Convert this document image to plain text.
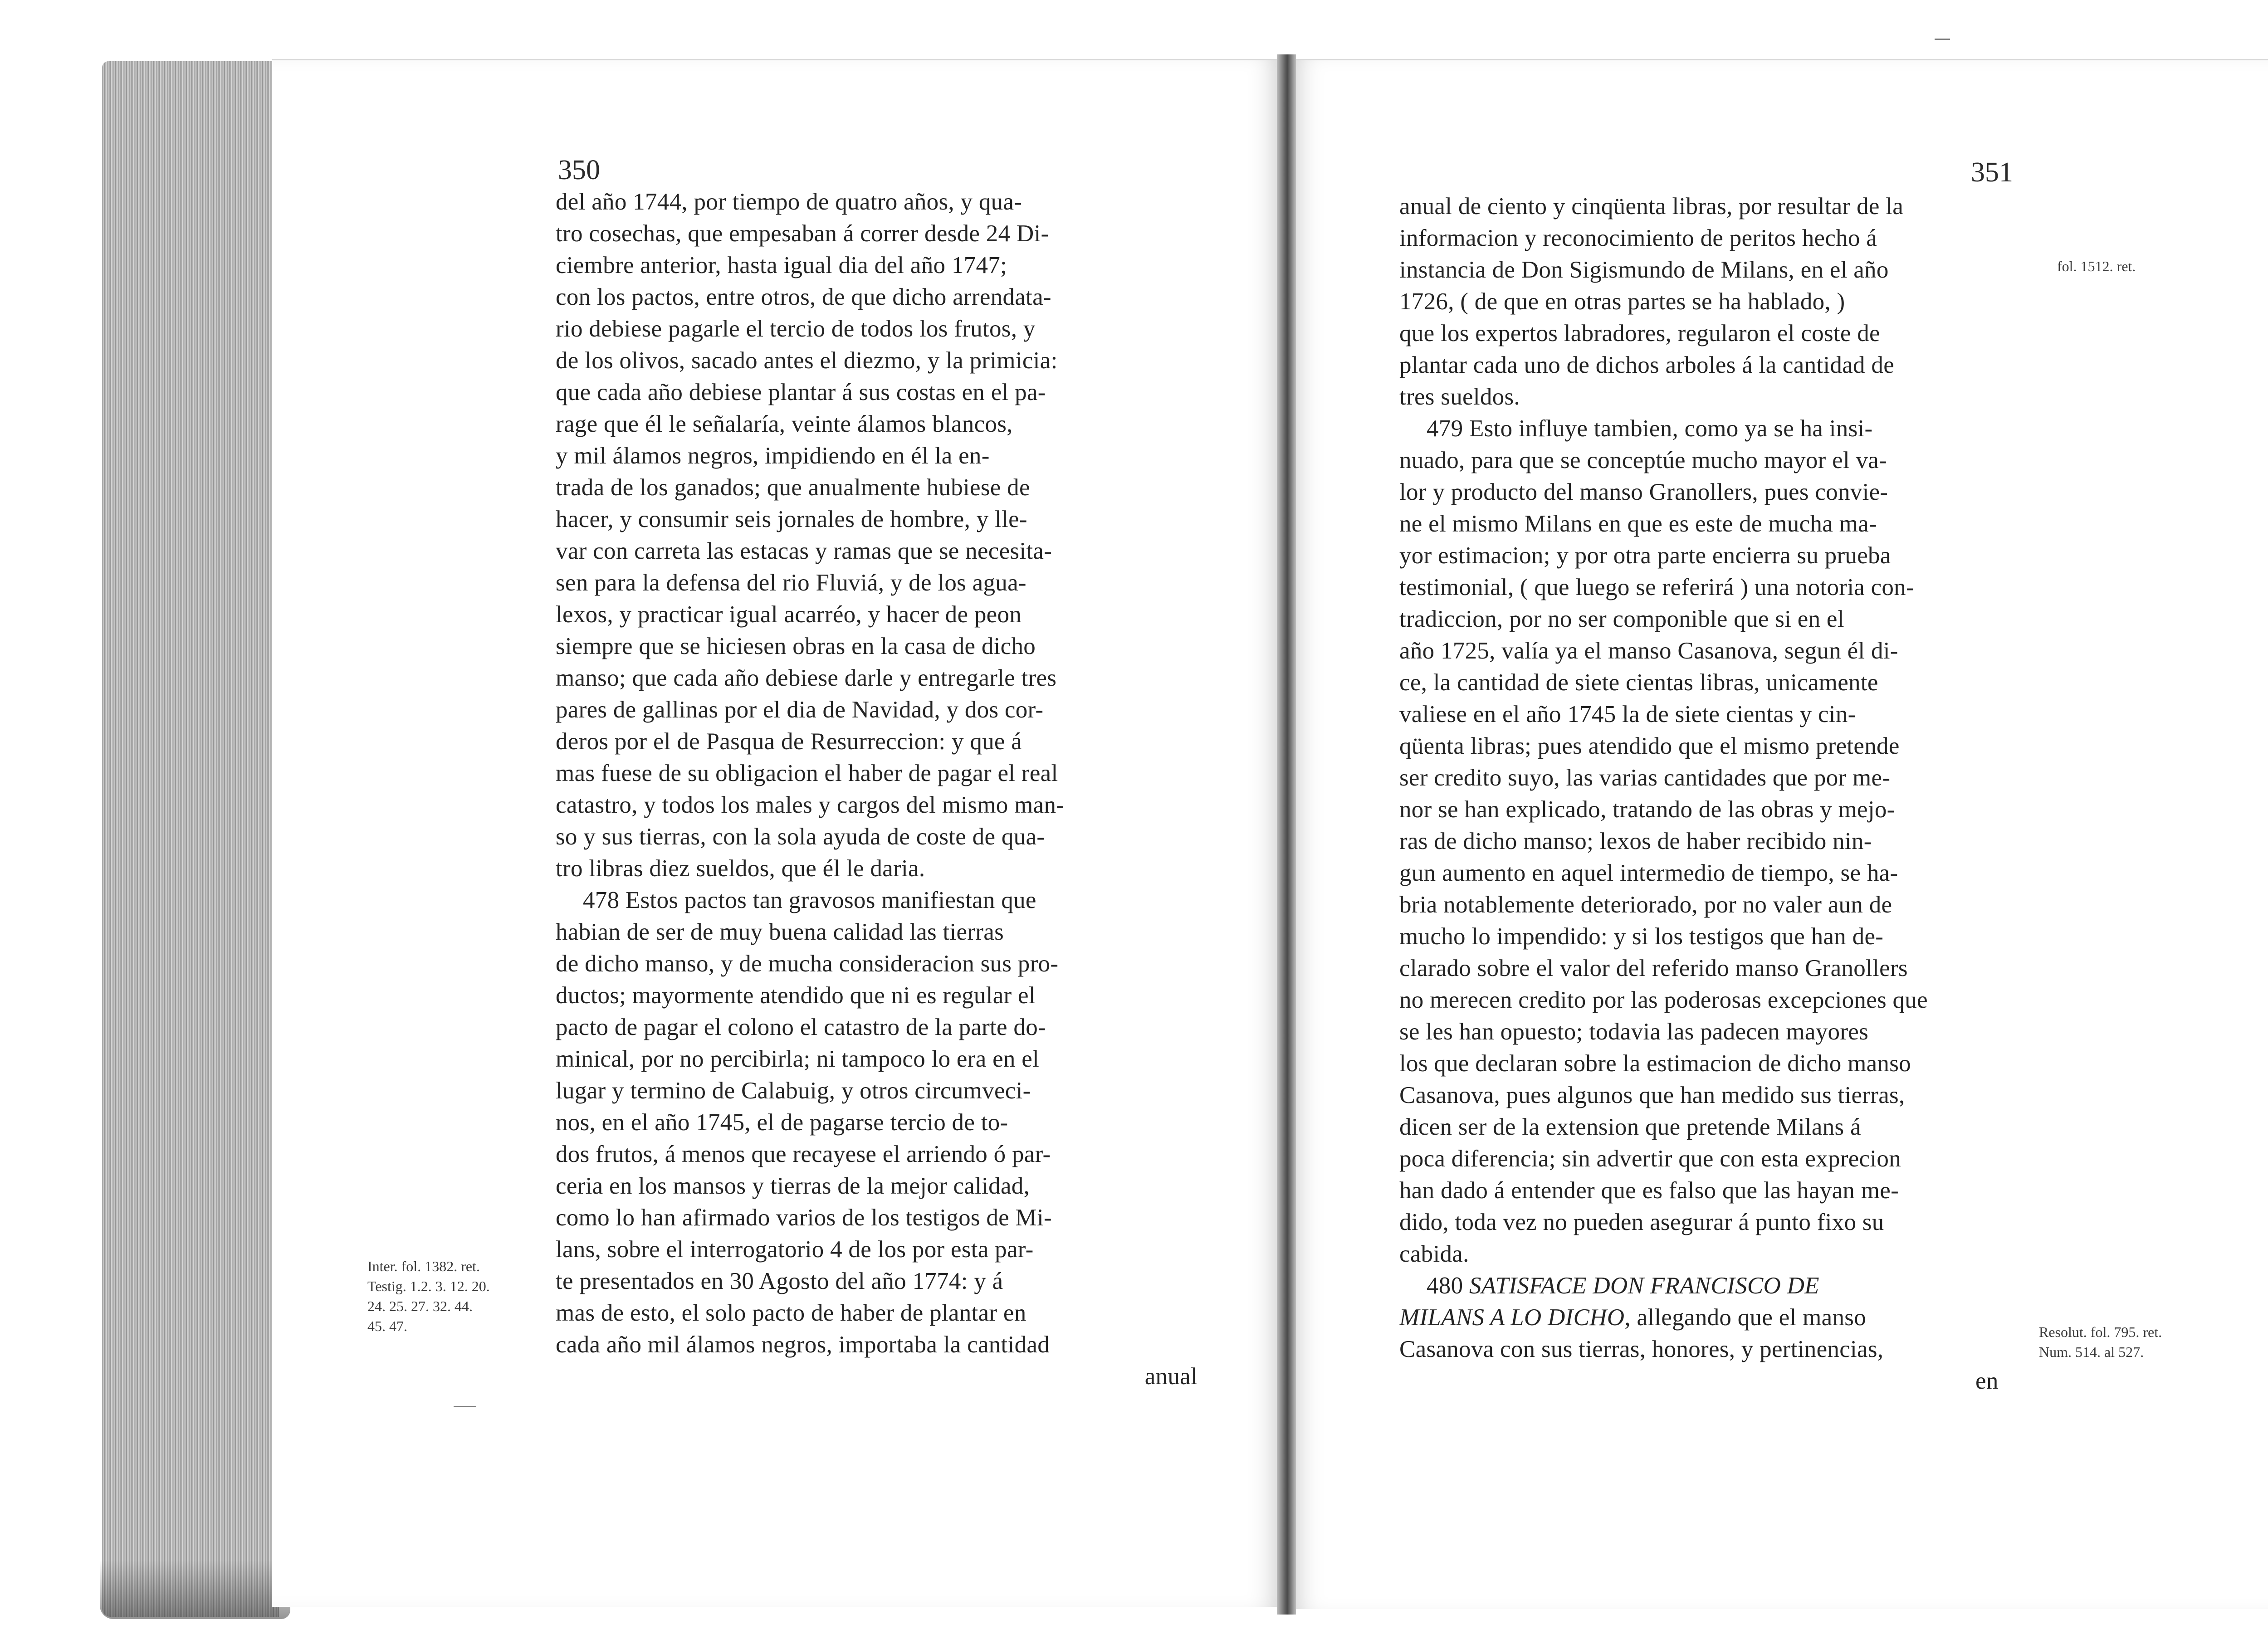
350

del año 1744, por tiempo de quatro años, y qua-

tro cosechas, que empesaban á correr desde 24 Di-

ciembre anterior, hasta igual dia del año 1747;

con los pactos, entre otros, de que dicho arrendata-

rio debiese pagarle el tercio de todos los frutos, y

de los olivos, sacado antes el diezmo, y la primicia:

que cada año debiese plantar á sus costas en el pa-

rage que él le señalaría, veinte álamos blancos,

y mil álamos negros, impidiendo en él la en-

trada de los ganados; que anualmente hubiese de

hacer, y consumir seis jornales de hombre, y lle-

var con carreta las estacas y ramas que se necesita-

sen para la defensa del rio Fluviá, y de los agua-

lexos, y practicar igual acarréo, y hacer de peon

siempre que se hiciesen obras en la casa de dicho

manso; que cada año debiese darle y entregarle tres

pares de gallinas por el dia de Navidad, y dos cor-

deros por el de Pasqua de Resurreccion: y que á

mas fuese de su obligacion el haber de pagar el real

catastro, y todos los males y cargos del mismo man-

so y sus tierras, con la sola ayuda de coste de qua-

tro libras diez sueldos, que él le daria.

478 Estos pactos tan gravosos manifiestan que

habian de ser de muy buena calidad las tierras

de dicho manso, y de mucha consideracion sus pro-

ductos; mayormente atendido que ni es regular el

pacto de pagar el colono el catastro de la parte do-

minical, por no percibirla; ni tampoco lo era en el

lugar y termino de Calabuig, y otros circumveci-

nos, en el año 1745, el de pagarse tercio de to-

dos frutos, á menos que recayese el arriendo ó par-

ceria en los mansos y tierras de la mejor calidad,

como lo han afirmado varios de los testigos de Mi-

lans, sobre el interrogatorio 4 de los por esta par-

te presentados en 30 Agosto del año 1774: y á

mas de esto, el solo pacto de haber de plantar en

cada año mil álamos negros, importaba la cantidad

anual

Inter. fol. 1382. ret.
Testig. 1.2. 3. 12. 20.
24. 25. 27. 32. 44.
45. 47.
351

anual de ciento y cinqüenta libras, por resultar de la

informacion y reconocimiento de peritos hecho á

instancia de Don Sigismundo de Milans, en el año

1726, ( de que en otras partes se ha hablado, )

que los expertos labradores, regularon el coste de

plantar cada uno de dichos arboles á la cantidad de

tres sueldos.

479 Esto influye tambien, como ya se ha insi-

nuado, para que se conceptúe mucho mayor el va-

lor y producto del manso Granollers, pues convie-

ne el mismo Milans en que es este de mucha ma-

yor estimacion; y por otra parte encierra su prueba

testimonial, ( que luego se referirá ) una notoria con-

tradiccion, por no ser componible que si en el

año 1725, valía ya el manso Casanova, segun él di-

ce, la cantidad de siete cientas libras, unicamente

valiese en el año 1745 la de siete cientas y cin-

qüenta libras; pues atendido que el mismo pretende

ser credito suyo, las varias cantidades que por me-

nor se han explicado, tratando de las obras y mejo-

ras de dicho manso; lexos de haber recibido nin-

gun aumento en aquel intermedio de tiempo, se ha-

bria notablemente deteriorado, por no valer aun de

mucho lo impendido: y si los testigos que han de-

clarado sobre el valor del referido manso Granollers

no merecen credito por las poderosas excepciones que

se les han opuesto; todavia las padecen mayores

los que declaran sobre la estimacion de dicho manso

Casanova, pues algunos que han medido sus tierras,

dicen ser de la extension que pretende Milans á

poca diferencia; sin advertir que con esta exprecion

han dado á entender que es falso que las hayan me-

dido, toda vez no pueden asegurar á punto fixo su

cabida.

480 SATISFACE DON FRANCISCO DE

MILANS A LO DICHO, allegando que el manso

Casanova con sus tierras, honores, y pertinencias,

en

fol. 1512. ret.
Resolut. fol. 795. ret.
Num. 514. al 527.
